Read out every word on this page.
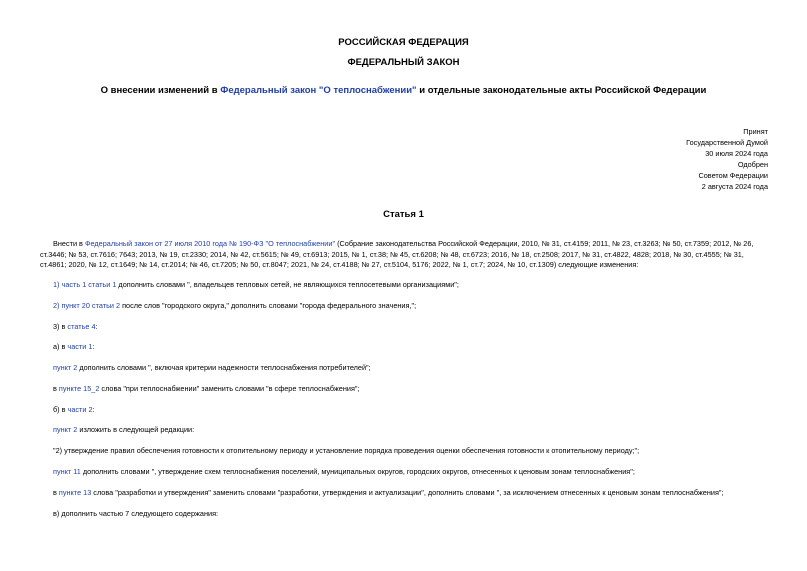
РОССИЙСКАЯ ФЕДЕРАЦИЯ
ФЕДЕРАЛЬНЫЙ ЗАКОН
О внесении изменений в Федеральный закон "О теплоснабжении" и отдельные законодательные акты Российской Федерации
Принят
Государственной Думой
30 июля 2024 года
Одобрен
Советом Федерации
2 августа 2024 года
Статья 1
Внести в Федеральный закон от 27 июля 2010 года № 190-ФЗ "О теплоснабжении" (Собрание законодательства Российской Федерации, 2010, № 31, ст.4159; 2011, № 23, ст.3263; № 50, ст.7359; 2012, № 26, ст.3446; № 53, ст.7616; 7643; 2013, № 19, ст.2330; 2014, № 42, ст.5615; № 49, ст.6913; 2015, № 1, ст.38; № 45, ст.6208; № 48, ст.6723; 2016, № 18, ст.2508; 2017, № 31, ст.4822, 4828; 2018, № 30, ст.4555; № 31, ст.4861; 2020, № 12, ст.1649; № 14, ст.2014; № 46, ст.7205; № 50, ст.8047; 2021, № 24, ст.4188; № 27, ст.5104, 5176; 2022, № 1, ст.7; 2024, № 10, ст.1309) следующие изменения:
1) часть 1 статьи 1 дополнить словами ", владельцев тепловых сетей, не являющихся теплосетевыми организациями";
2) пункт 20 статьи 2 после слов "городского округа," дополнить словами "города федерального значения,";
3) в статье 4:
а) в части 1:
пункт 2 дополнить словами ", включая критерии надежности теплоснабжения потребителей";
в пункте 15_2 слова "при теплоснабжении" заменить словами "в сфере теплоснабжения";
б) в части 2:
пункт 2 изложить в следующей редакции:
"2) утверждение правил обеспечения готовности к отопительному периоду и установление порядка проведения оценки обеспечения готовности к отопительному периоду;";
пункт 11 дополнить словами ", утверждение схем теплоснабжения поселений, муниципальных округов, городских округов, отнесенных к ценовым зонам теплоснабжения";
в пункте 13 слова "разработки и утверждения" заменить словами "разработки, утверждения и актуализации", дополнить словами ", за исключением отнесенных к ценовым зонам теплоснабжения";
в) дополнить частью 7 следующего содержания:
